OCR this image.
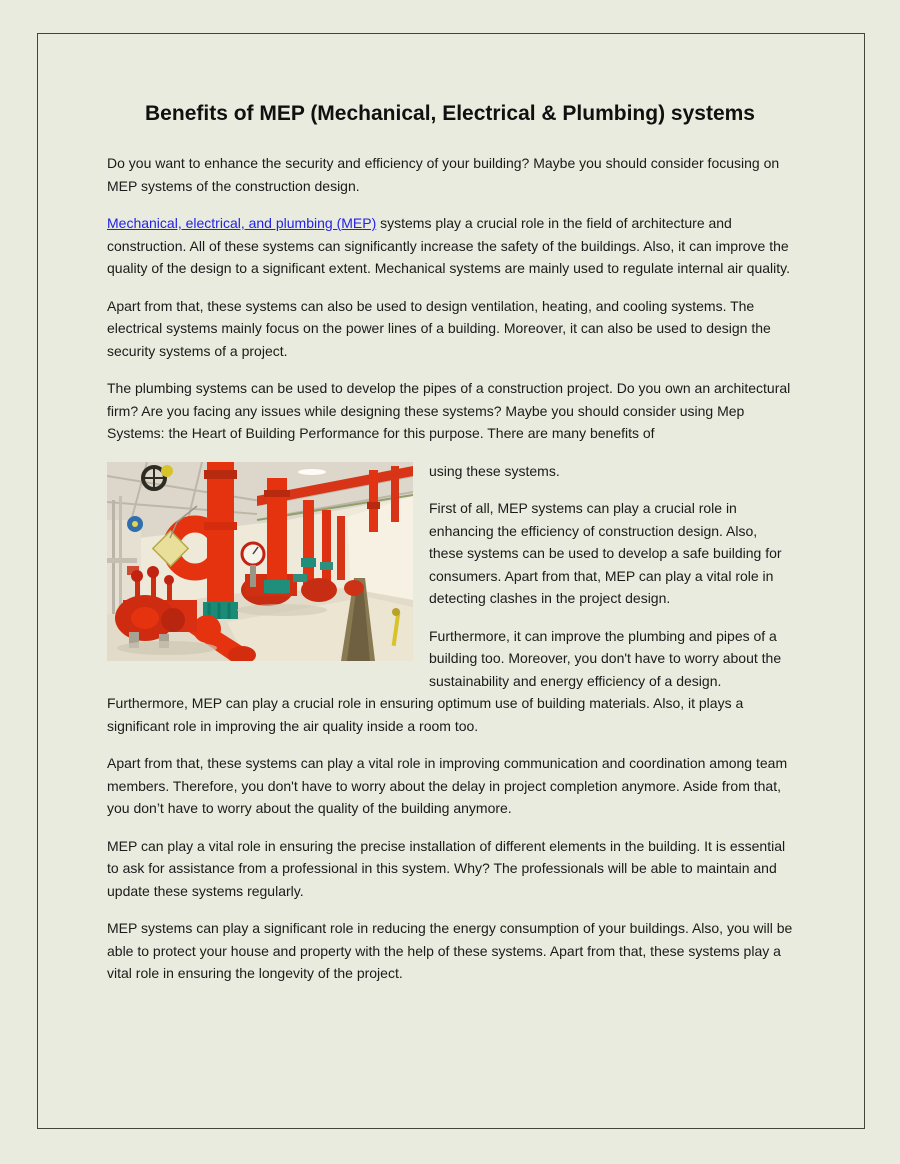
Benefits of MEP (Mechanical, Electrical & Plumbing) systems

Do you want to enhance the security and efficiency of your building? Maybe you should consider focusing on MEP systems of the construction design.

Mechanical, electrical, and plumbing (MEP) systems play a crucial role in the field of architecture and construction. All of these systems can significantly increase the safety of the buildings. Also, it can improve the quality of the design to a significant extent. Mechanical systems are mainly used to regulate internal air quality.

Apart from that, these systems can also be used to design ventilation, heating, and cooling systems. The electrical systems mainly focus on the power lines of a building. Moreover, it can also be used to design the security systems of a project.

The plumbing systems can be used to develop the pipes of a construction project. Do you own an architectural firm? Are you facing any issues while designing these systems? Maybe you should consider using Mep Systems: the Heart of Building Performance for this purpose. There are many benefits of

using these systems.

First of all, MEP systems can play a crucial role in enhancing the efficiency of construction design. Also, these systems can be used to develop a safe building for consumers. Apart from that, MEP can play a vital role in detecting clashes in the project design.

Furthermore, it can improve the plumbing and pipes of a building too. Moreover, you don't have to worry about the sustainability and energy efficiency of a design. Furthermore, MEP can play a crucial role in ensuring optimum use of building materials. Also, it plays a significant role in improving the air quality inside a room too.

Apart from that, these systems can play a vital role in improving communication and coordination among team members. Therefore, you don't have to worry about the delay in project completion anymore. Aside from that, you don’t have to worry about the quality of the building anymore.

MEP can play a vital role in ensuring the precise installation of different elements in the building. It is essential to ask for assistance from a professional in this system. Why? The professionals will be able to maintain and update these systems regularly.

MEP systems can play a significant role in reducing the energy consumption of your buildings. Also, you will be able to protect your house and property with the help of these systems. Apart from that, these systems play a vital role in ensuring the longevity of the project.
